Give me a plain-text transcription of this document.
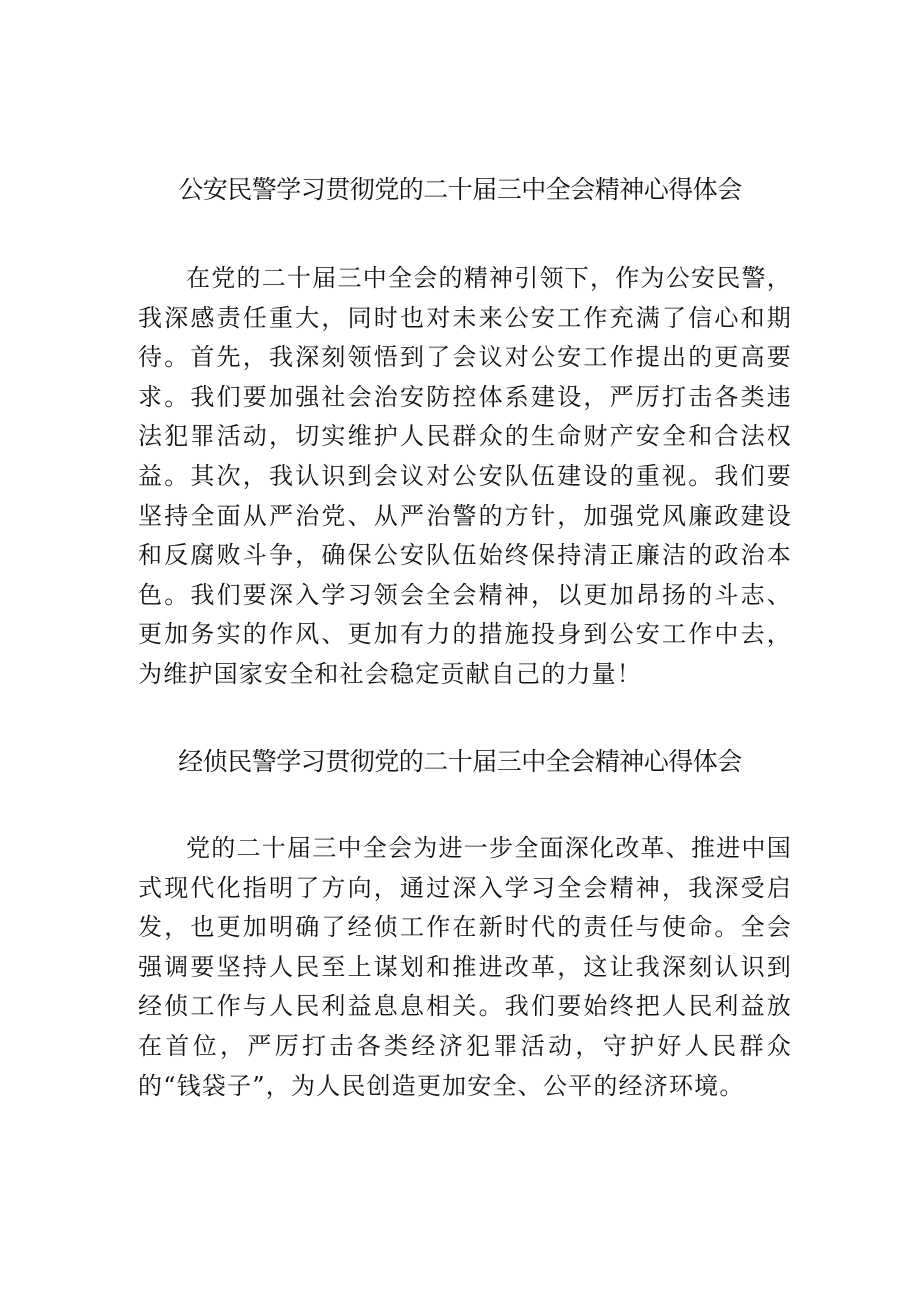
公安民警学习贯彻党的二十届三中全会精神心得体会

在党的二十届三中全会的精神引领下，作为公安民警，我深感责任重大，同时也对未来公安工作充满了信心和期待。首先，我深刻领悟到了会议对公安工作提出的更高要求。我们要加强社会治安防控体系建设，严厉打击各类违法犯罪活动，切实维护人民群众的生命财产安全和合法权益。其次，我认识到会议对公安队伍建设的重视。我们要坚持全面从严治党、从严治警的方针，加强党风廉政建设和反腐败斗争，确保公安队伍始终保持清正廉洁的政治本色。我们要深入学习领会全会精神，以更加昂扬的斗志、更加务实的作风、更加有力的措施投身到公安工作中去，为维护国家安全和社会稳定贡献自己的力量！

经侦民警学习贯彻党的二十届三中全会精神心得体会

党的二十届三中全会为进一步全面深化改革、推进中国式现代化指明了方向，通过深入学习全会精神，我深受启发，也更加明确了经侦工作在新时代的责任与使命。全会强调要坚持人民至上谋划和推进改革，这让我深刻认识到经侦工作与人民利益息息相关。我们要始终把人民利益放在首位，严厉打击各类经济犯罪活动，守护好人民群众的“钱袋子”，为人民创造更加安全、公平的经济环境。
